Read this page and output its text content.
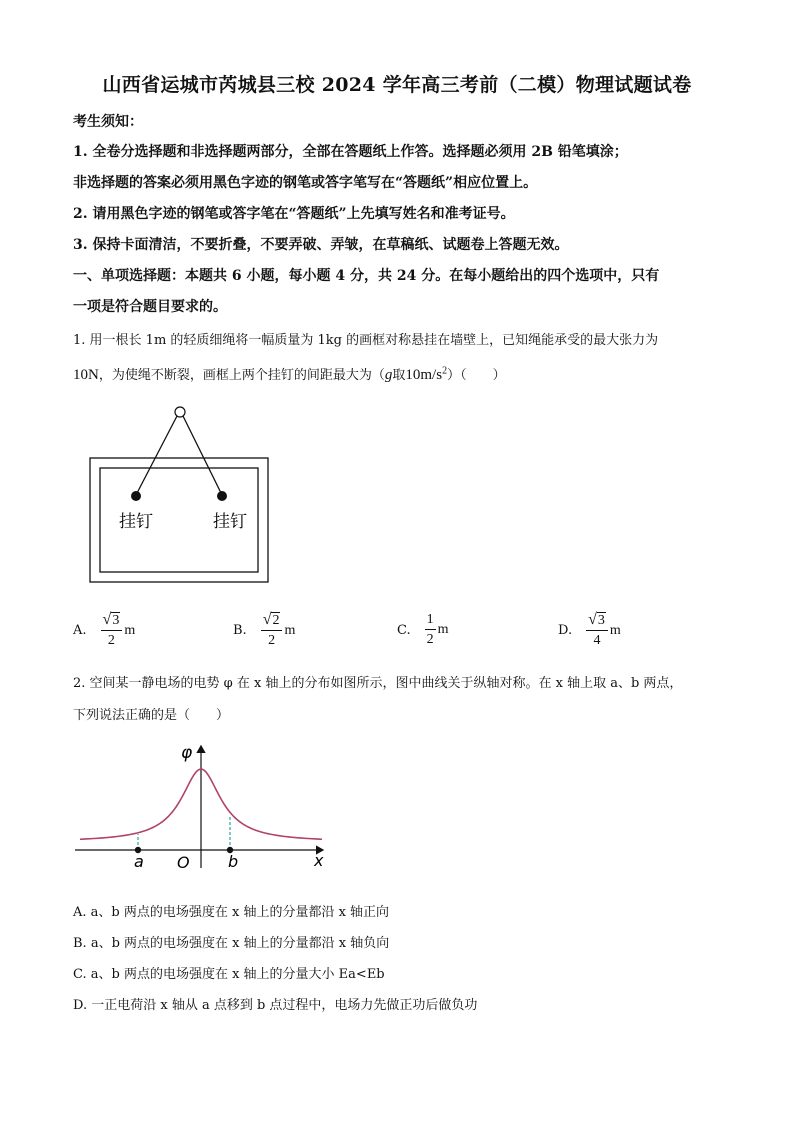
山西省运城市芮城县三校 2024 学年高三考前（二模）物理试题试卷
考生须知：
1. 全卷分选择题和非选择题两部分，全部在答题纸上作答。选择题必须用 2B 铅笔填涂；
非选择题的答案必须用黑色字迹的钢笔或答字笔写在“答题纸”相应位置上。
2. 请用黑色字迹的钢笔或答字笔在“答题纸”上先填写姓名和准考证号。
3. 保持卡面清洁，不要折叠，不要弄破、弄皱，在草稿纸、试题卷上答题无效。
一、单项选择题：本题共 6 小题，每小题 4 分，共 24 分。在每小题给出的四个选项中，只有
一项是符合题目要求的。
1. 用一根长 1m 的轻质细绳将一幅质量为 1kg 的画框对称悬挂在墙壁上，已知绳能承受的最大张力为
10N，为使绳不断裂，画框上两个挂钉的间距最大为（g取$10m/s^2$）（　　）
挂钉	挂钉
A. $\frac{√ 3}{2}$ m	B. $\frac{√ 2}{2}$ m	C. $\frac{1}{2}$ m	D. $\frac{√ 3}{4}$ m
2. 空间某一静电场的电势 φ 在 x 轴上的分布如图所示，图中曲线关于纵轴对称。在 x 轴上取 a、b 两点，
下列说法正确的是（　　）
φ
x
O
a	b
A. a、b 两点的电场强度在 x 轴上的分量都沿 x 轴正向
B. a、b 两点的电场强度在 x 轴上的分量都沿 x 轴负向
C. a、b 两点的电场强度在 x 轴上的分量大小 Ea<Eb
D. 一正电荷沿 x 轴从 a 点移到 b 点过程中，电场力先做正功后做负功
